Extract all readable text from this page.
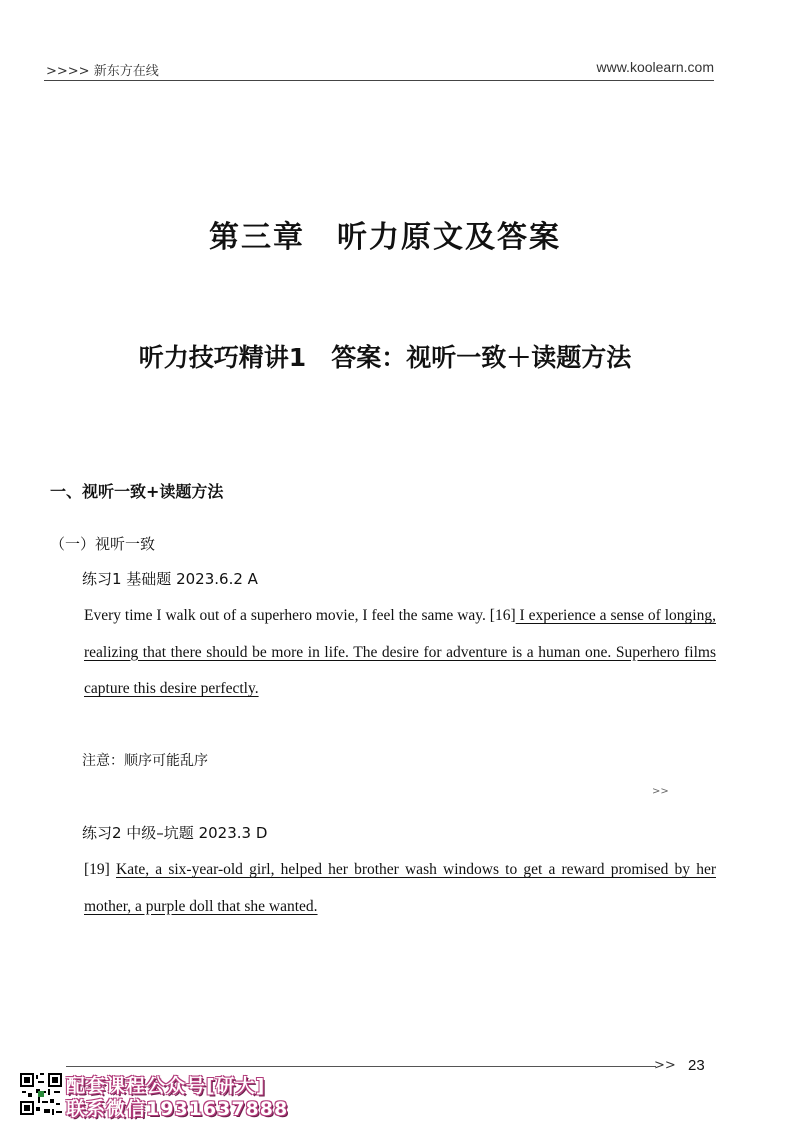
>>>> 新东方在线	www.koolearn.com
第三章　听力原文及答案
听力技巧精讲1　答案：视听一致＋读题方法
一、视听一致+读题方法
（一）视听一致
练习1 基础题 2023.6.2 A
Every time I walk out of a superhero movie, I feel the same way. [16] I experience a sense of longing, realizing that there should be more in life. The desire for adventure is a human one. Superhero films capture this desire perfectly.
注意：顺序可能乱序
>>
练习2 中级–坑题 2023.3 D
[19] Kate, a six-year-old girl, helped her brother wash windows to get a reward promised by her mother, a purple doll that she wanted.
>> 23
配套课程公众号[研大]
联系微信1931637888
